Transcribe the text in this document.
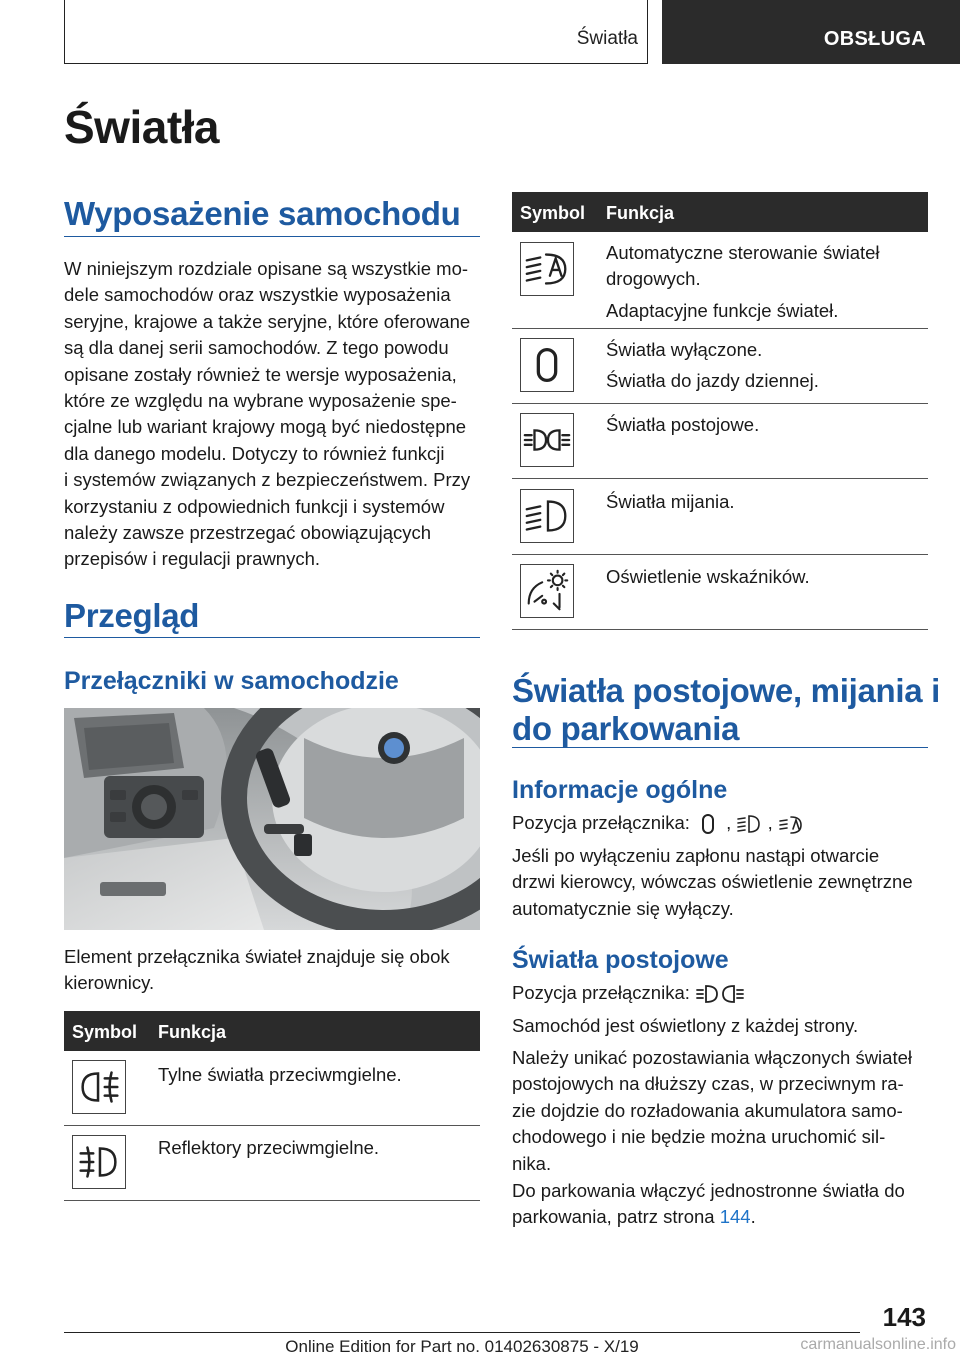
Światła	OBSŁUGA
Światła
Wyposażenie samochodu
W niniejszym rozdziale opisane są wszystkie mo‐
dele samochodów oraz wszystkie wyposażenia
seryjne, krajowe a także seryjne, które oferowane
są dla danej serii samochodów. Z tego powodu
opisane zostały również te wersje wyposażenia,
które ze względu na wybrane wyposażenie spe‐
cjalne lub wariant krajowy mogą być niedostępne
dla danego modelu. Dotyczy to również funkcji
i systemów związanych z bezpieczeństwem. Przy
korzystaniu z odpowiednich funkcji i systemów
należy zawsze przestrzegać obowiązujących
przepisów i regulacji prawnych.
Przegląd
Przełączniki w samochodzie
Element przełącznika świateł znajduje się obok
kierownicy.
Symbol Funkcja
Tylne światła przeciwmgielne.
Reflektory przeciwmgielne.
Symbol Funkcja
Automatyczne sterowanie świateł
drogowych.
Adaptacyjne funkcje świateł.
Światła wyłączone.
Światła do jazdy dziennej.
Światła postojowe.
Światła mijania.
Oświetlenie wskaźników.
Światła postojowe, mijania i
do parkowania
Informacje ogólne
Pozycja przełącznika: , ,
Jeśli po wyłączeniu zapłonu nastąpi otwarcie
drzwi kierowcy, wówczas oświetlenie zewnętrzne
automatycznie się wyłączy.
Światła postojowe
Pozycja przełącznika:
Samochód jest oświetlony z każdej strony.
Należy unikać pozostawiania włączonych świateł
postojowych na dłuższy czas, w przeciwnym ra‐
zie dojdzie do rozładowania akumulatora samo‐
chodowego i nie będzie można uruchomić sil‐
nika.
Do parkowania włączyć jednostronne światła do
parkowania, patrz strona 144.
143
Online Edition for Part no. 01402630875 - X/19	carmanualsonline.info
